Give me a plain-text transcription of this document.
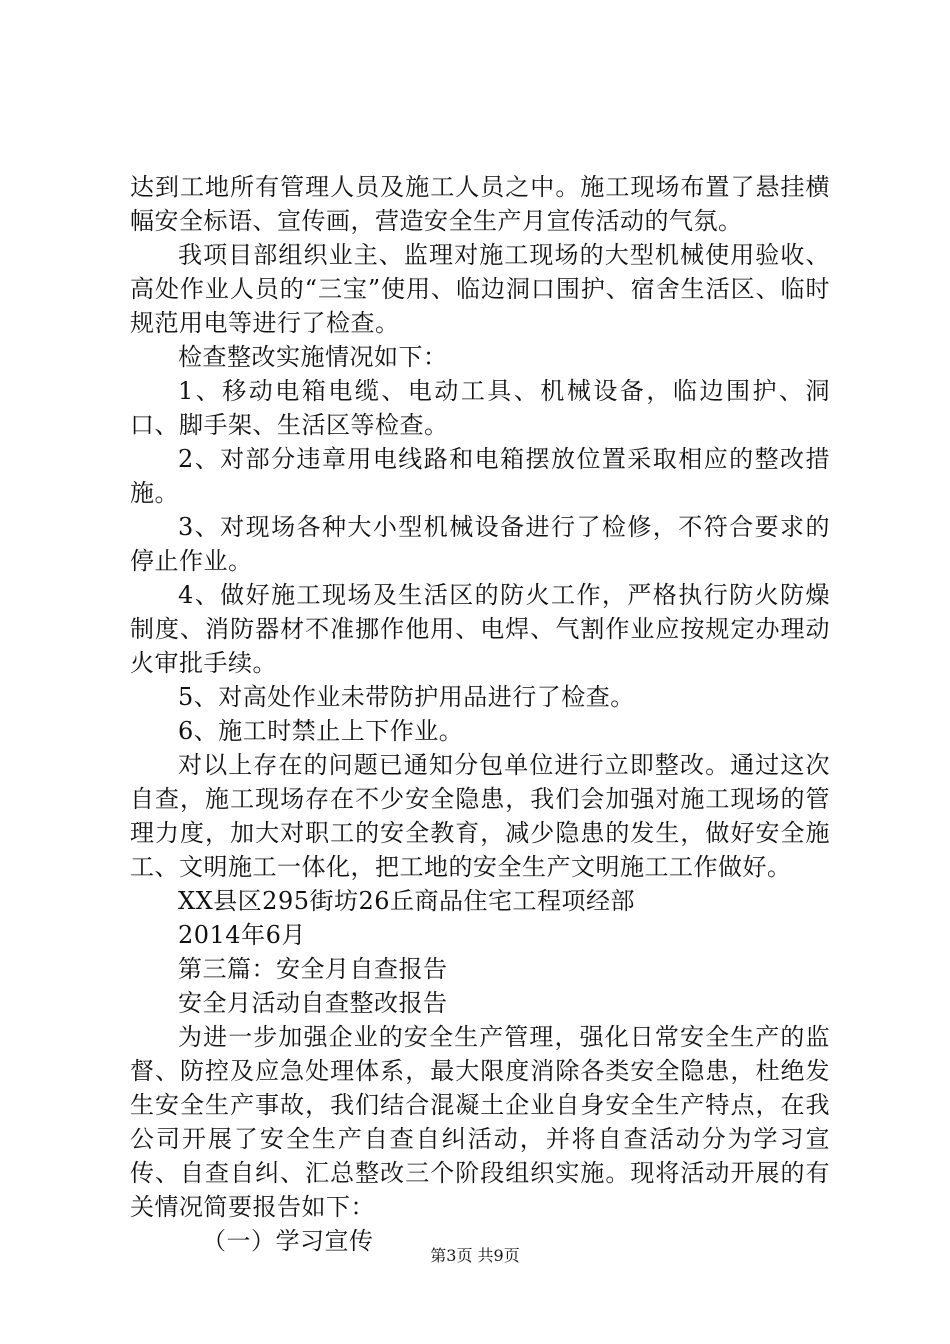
达到工地所有管理人员及施工人员之中。施工现场布置了悬挂横幅安全标语、宣传画，营造安全生产月宣传活动的气氛。

我项目部组织业主、监理对施工现场的大型机械使用验收、高处作业人员的“三宝”使用、临边洞口围护、宿舍生活区、临时规范用电等进行了检查。

检查整改实施情况如下：

1、移动电箱电缆、电动工具、机械设备，临边围护、洞口、脚手架、生活区等检查。

2、对部分违章用电线路和电箱摆放位置采取相应的整改措施。

3、对现场各种大小型机械设备进行了检修，不符合要求的停止作业。

4、做好施工现场及生活区的防火工作，严格执行防火防燥制度、消防器材不准挪作他用、电焊、气割作业应按规定办理动火审批手续。

5、对高处作业未带防护用品进行了检查。

6、施工时禁止上下作业。

对以上存在的问题已通知分包单位进行立即整改。通过这次自查，施工现场存在不少安全隐患，我们会加强对施工现场的管理力度，加大对职工的安全教育，减少隐患的发生，做好安全施工、文明施工一体化，把工地的安全生产文明施工工作做好。

XX县区295街坊26丘商品住宅工程项经部

2014年6月

第三篇：安全月自查报告

安全月活动自查整改报告

为进一步加强企业的安全生产管理，强化日常安全生产的监督、防控及应急处理体系，最大限度消除各类安全隐患，杜绝发生安全生产事故，我们结合混凝土企业自身安全生产特点，在我公司开展了安全生产自查自纠活动，并将自查活动分为学习宣传、自查自纠、汇总整改三个阶段组织实施。现将活动开展的有关情况简要报告如下：

（一）学习宣传

第3页 共9页
